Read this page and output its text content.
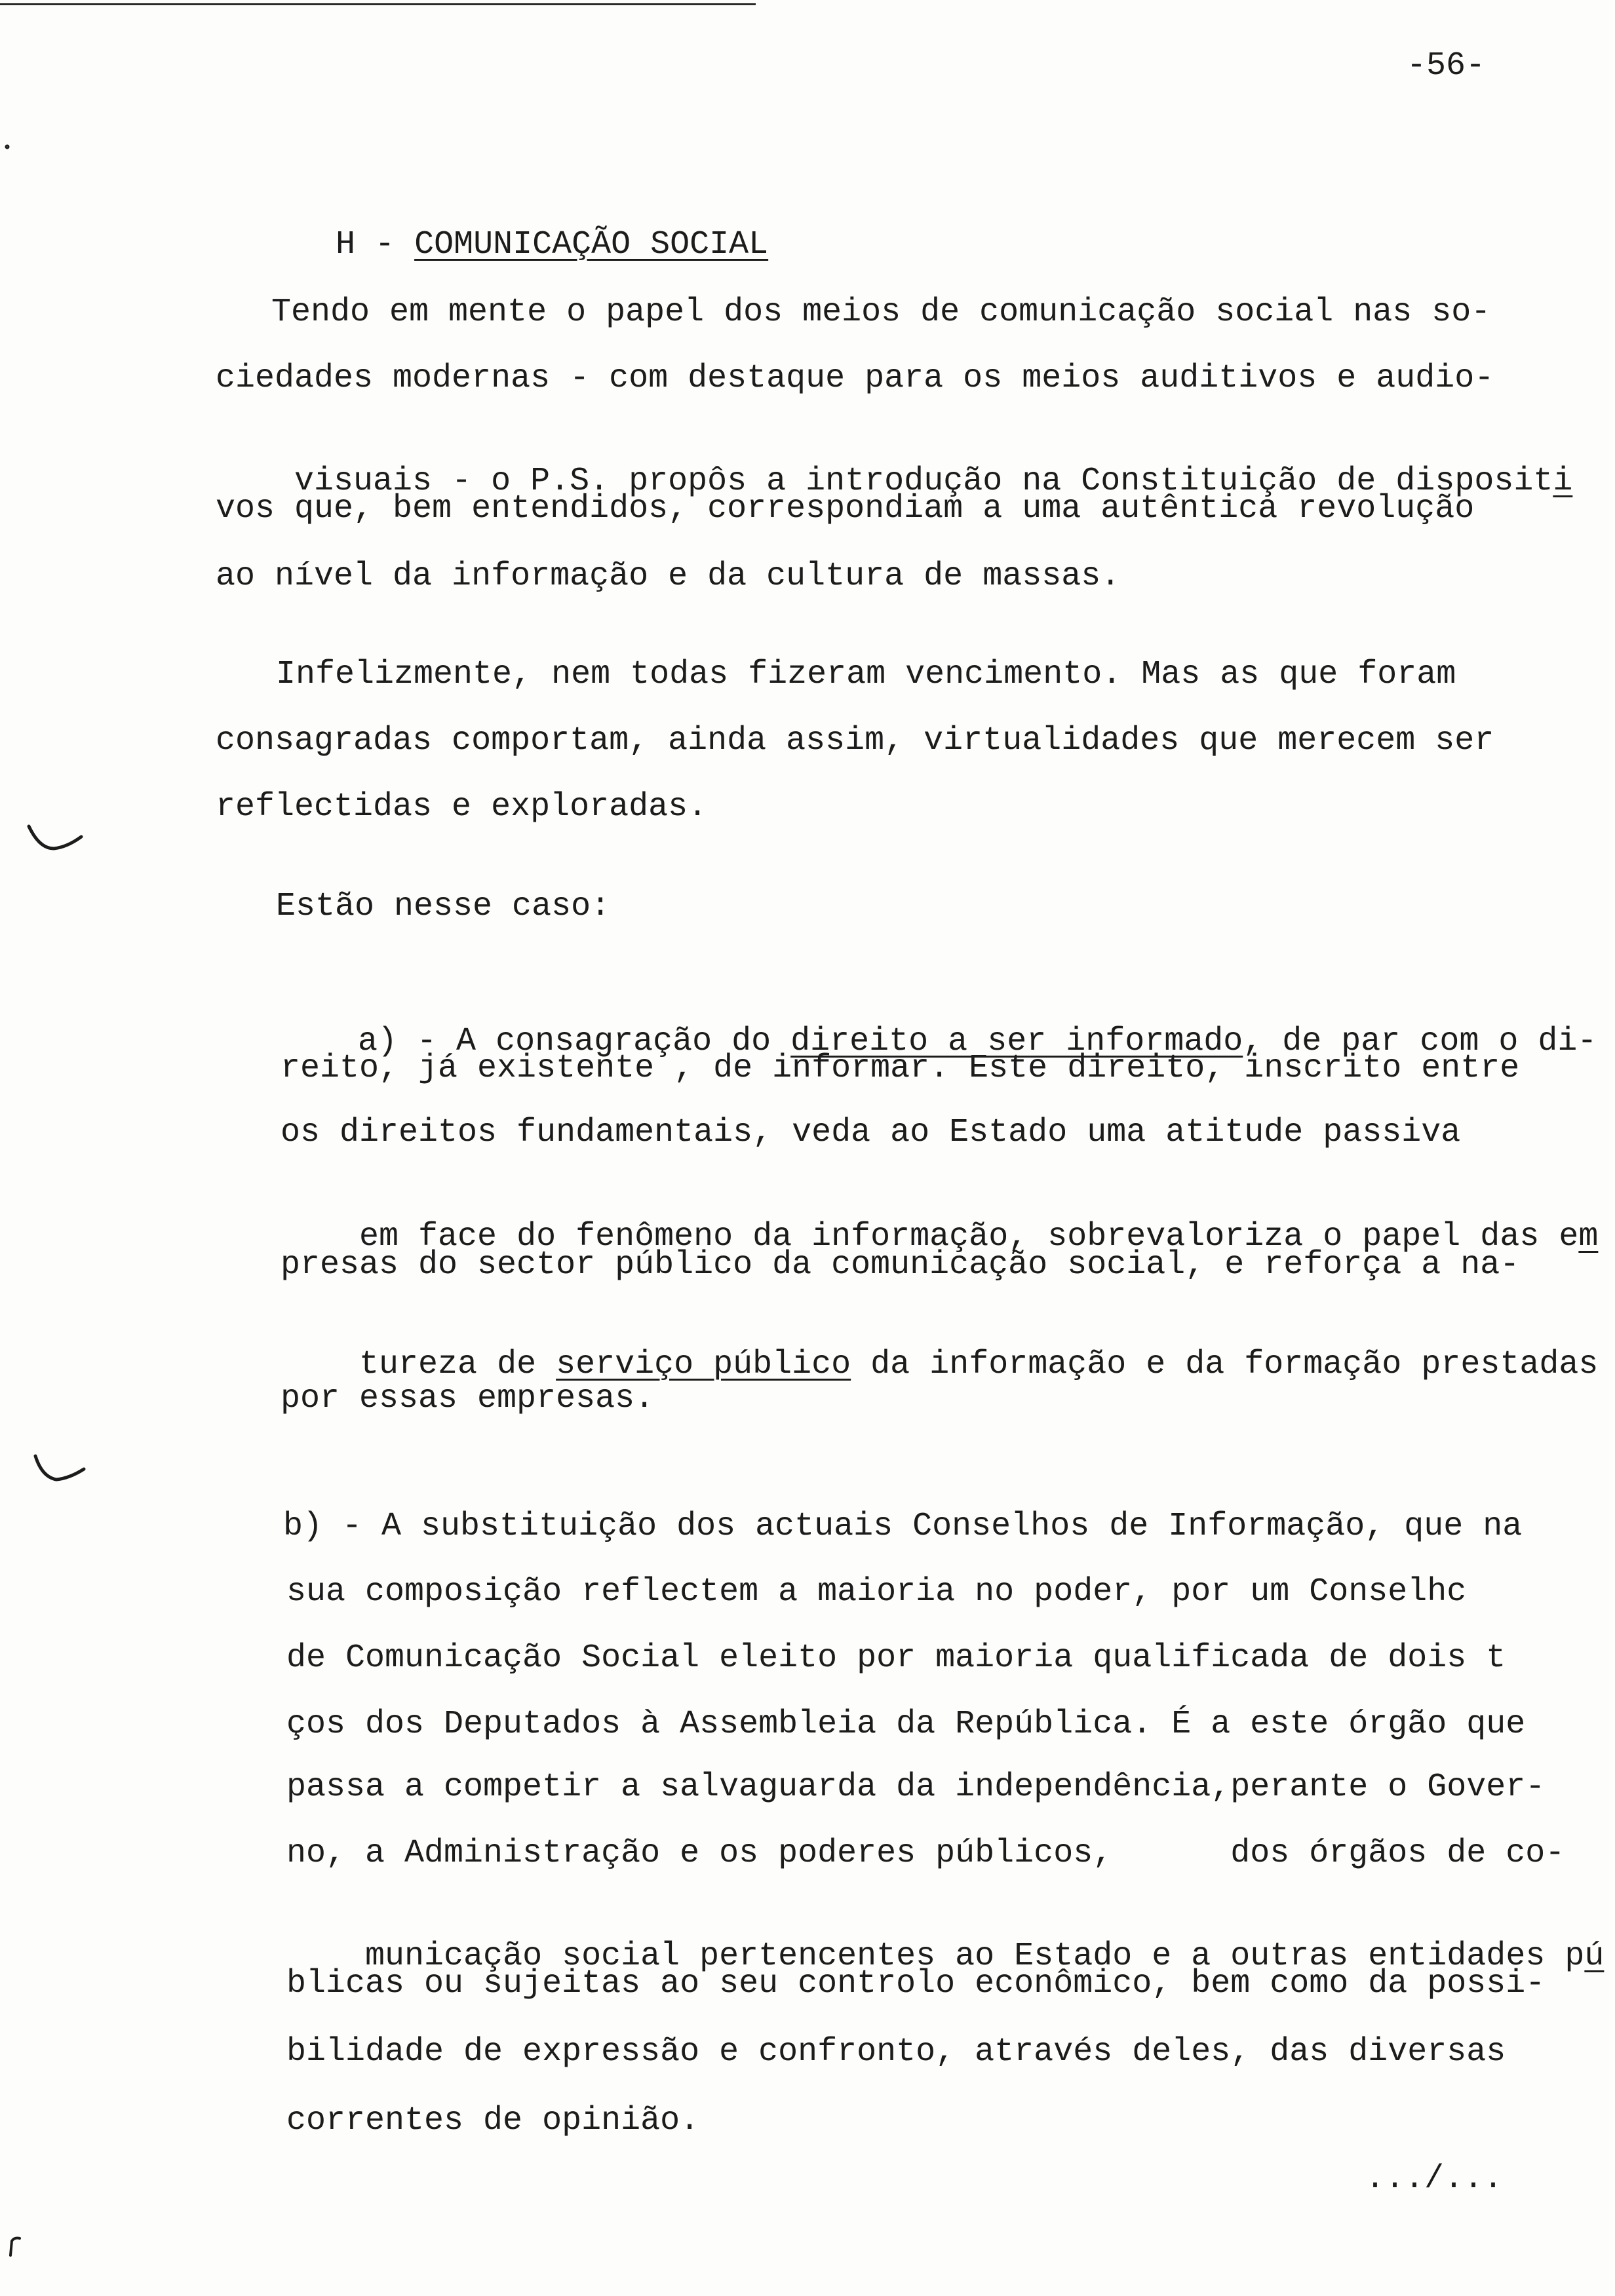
-56-

H - COMUNICAÇÃO SOCIAL

Tendo em mente o papel dos meios de comunicação social nas so-
ciedades modernas - com destaque para os meios auditivos e audio-

visuais - o P.S. propôs a introdução na Constituição de dispositi

vos que, bem entendidos, correspondiam a uma autêntica revolução
ao nível da informação e da cultura de massas.
Infelizmente, nem todas fizeram vencimento. Mas as que foram
consagradas comportam, ainda assim, virtualidades que merecem ser
reflectidas e exploradas.
Estão nesse caso:

a) - A consagração do direito a ser informado, de par com o di-

reito, já existente , de informar. Este direito, inscrito entre
os direitos fundamentais, veda ao Estado uma atitude passiva

em face do fenômeno da informação, sobrevaloriza o papel das em

presas do sector público da comunicação social, e reforça a na-

tureza de serviço público da informação e da formação prestadas

por essas empresas.
b) - A substituição dos actuais Conselhos de Informação, que na
sua composição reflectem a maioria no poder, por um Conselhc
de Comunicação Social eleito por maioria qualificada de dois t
ços dos Deputados à Assembleia da República. É a este órgão que
passa a competir a salvaguarda da independência,perante o Gover-
no, a Administração e os poderes públicos,      dos órgãos de co-

municação social pertencentes ao Estado e a outras entidades pú

blicas ou sujeitas ao seu controlo econômico, bem como da possi-
bilidade de expressão e confronto, através deles, das diversas
correntes de opinião.
.../...
